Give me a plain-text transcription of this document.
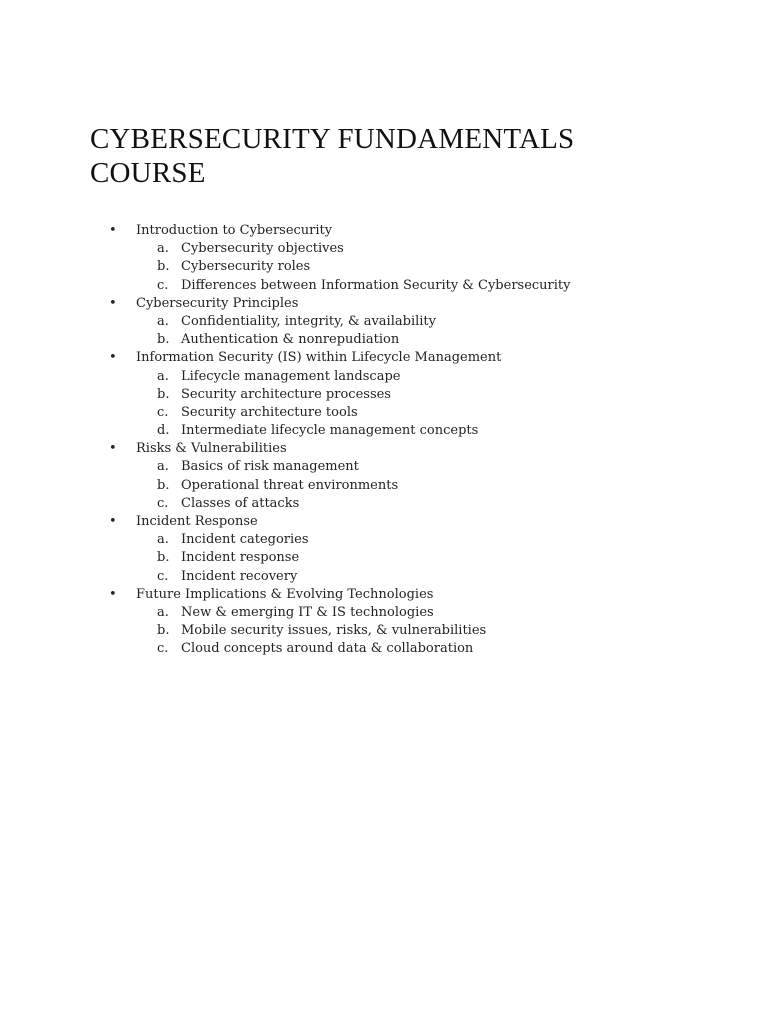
CYBERSECURITY FUNDAMENTALS COURSE
• Introduction to Cybersecurity
a. Cybersecurity objectives
b. Cybersecurity roles
c. Differences between Information Security & Cybersecurity
• Cybersecurity Principles
a. Confidentiality, integrity, & availability
b. Authentication & nonrepudiation
• Information Security (IS) within Lifecycle Management
a. Lifecycle management landscape
b. Security architecture processes
c. Security architecture tools
d. Intermediate lifecycle management concepts
• Risks & Vulnerabilities
a. Basics of risk management
b. Operational threat environments
c. Classes of attacks
• Incident Response
a. Incident categories
b. Incident response
c. Incident recovery
• Future Implications & Evolving Technologies
a. New & emerging IT & IS technologies
b. Mobile security issues, risks, & vulnerabilities
c. Cloud concepts around data & collaboration
